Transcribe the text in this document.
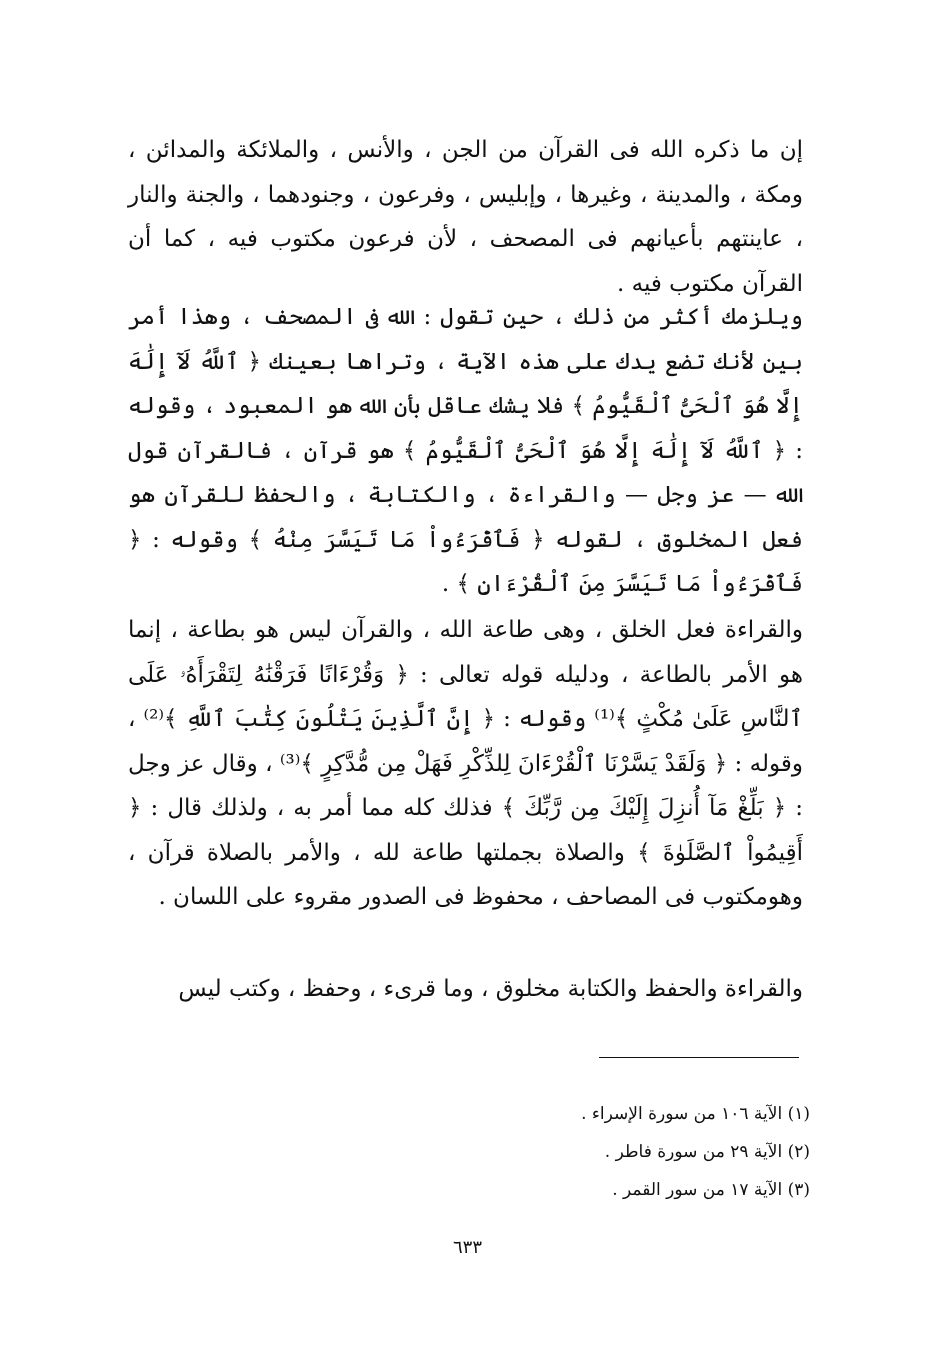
إن ما ذكره الله فى القرآن من الجن ، والأنس ، والملائكة والمدائن ، ومكة ، والمدينة ، وغيرها ، وإبليس ، وفرعون ، وجنودهما ، والجنة والنار ، عاينتهم بأعيانهم فى المصحف ، لأن فرعون مكتوب فيه ، كما أن القرآن مكتوب فيه .

ويلزمك أكثر من ذلك ، حين تقول : الله فى المصحف ، وهذا أمر بين لأنك تضع يدك على هذه الآية ، وتراها بعينك ﴿ ٱللَّهُ لَآ إِلَٰهَ إِلَّا هُوَ ٱلْحَىُّ ٱلْقَيُّومُ ﴾ فلا يشك عاقل بأن الله هو المعبود ، وقوله : ﴿ ٱللَّهُ لَآ إِلَٰهَ إِلَّا هُوَ ٱلْحَىُّ ٱلْقَيُّومُ ﴾ هو قرآن ، فالقرآن قول الله — عز وجل — والقراءة ، والكتابة ، والحفظ للقرآن هو فعل المخلوق ، لقوله ﴿ فَٱقْرَءُواْ مَا تَيَسَّرَ مِنْهُ ﴾ وقوله : ﴿ فَٱقْرَءُواْ مَا تَيَسَّرَ مِنَ ٱلْقُرْءَانِ ﴾ .

والقراءة فعل الخلق ، وهى طاعة الله ، والقرآن ليس هو بطاعة ، إنما هو الأمر بالطاعة ، ودليله قوله تعالى : ﴿ وَقُرْءَانًا فَرَقْنَٰهُ لِتَقْرَأَهُۥ عَلَى ٱلنَّاسِ عَلَىٰ مُكْثٍ ﴾⁽¹⁾ وقوله : ﴿ إِنَّ ٱلَّذِينَ يَتْلُونَ كِتَٰبَ ٱللَّهِ ﴾⁽²⁾ ، وقوله : ﴿ وَلَقَدْ يَسَّرْنَا ٱلْقُرْءَانَ لِلذِّكْرِ فَهَلْ مِن مُّدَّكِرٍ ﴾⁽³⁾ ، وقال عز وجل : ﴿ بَلِّغْ مَآ أُنزِلَ إِلَيْكَ مِن رَّبِّكَ ﴾ فذلك كله مما أمر به ، ولذلك قال : ﴿ أَقِيمُواْ ٱلصَّلَوٰةَ ﴾ والصلاة بجملتها طاعة لله ، والأمر بالصلاة قرآن ، وهومكتوب فى المصاحف ، محفوظ فى الصدور مقروء على اللسان .

والقراءة والحفظ والكتابة مخلوق ، وما قرىء ، وحفظ ، وكتب ليس

(١) الآية ١٠٦ من سورة الإسراء .
(٢) الآية ٢٩ من سورة فاطر .
(٣) الآية ١٧ من سور القمر .
٦٣٣
